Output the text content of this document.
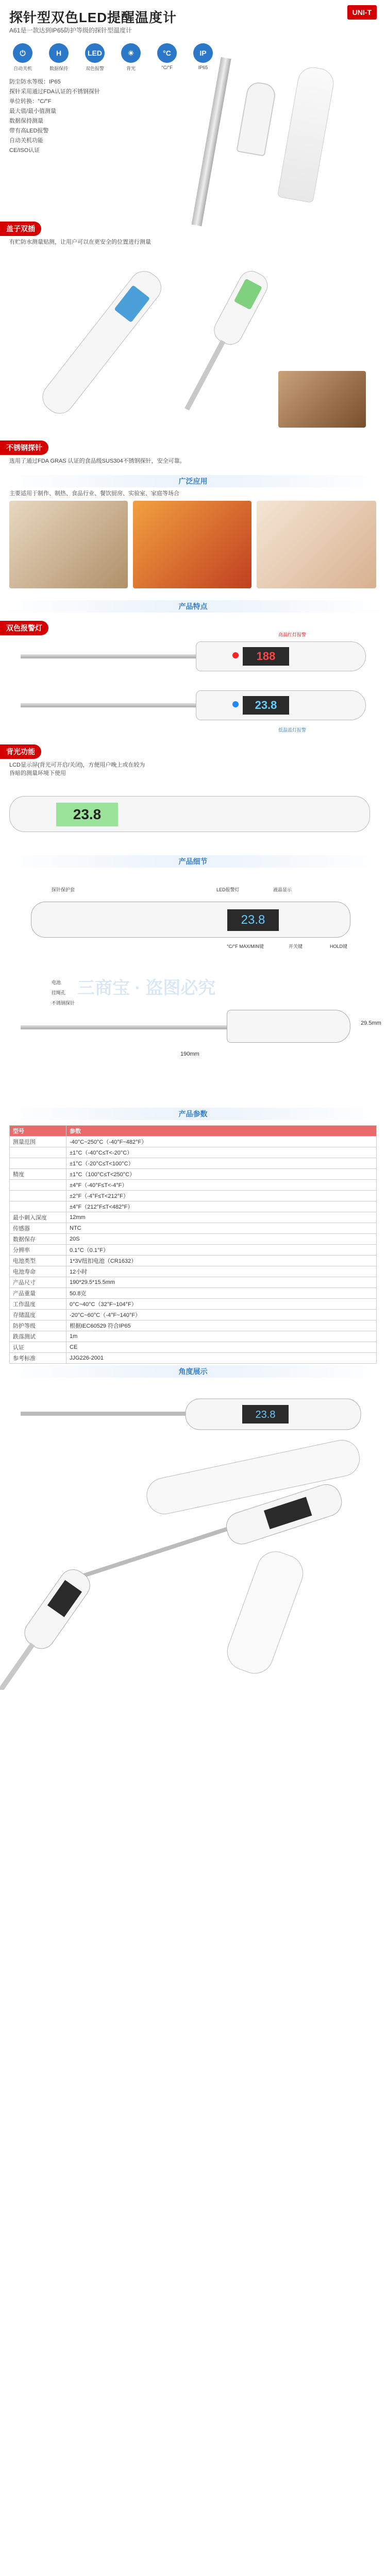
探针型双色LED提醒温度计	UNI-T
A61是一款达到IP65防护等级的探针型温度计
⏻
自动关机
H
数据保持
LED
双色报警
☀
背光
°C
°C/°F
IP
IP65
防尘防水等级：IP65
探针采用通过FDA认证的不锈钢探针
单位转换：°C/°F
最大值/最小值测量
数据保持测量
带有高LED报警
自动关机功能
CE/ISO认证
盖子双插
有贮防水测量贴测，让用户可以在更安全的位置进行测量
不锈钢探针
选用了通过FDA GRAS 认证的食品级SUS304不锈钢探针，安全可靠。
广泛应用
主要适用于制作、制热、食品行业、餐饮厨房、实验室、家庭等场合
产品特点
双色报警灯
188
高温红灯报警
23.8
低温蓝灯报警
背光功能
LCD显示屏(背光可开启/关闭)，方便用户晚上或在较为昏暗的测量环境下使用
23.8
产品细节
三商宝 · 盗图必究
23.8
探针保护套	LED报警灯	液晶显示
°C/°F MAX/MIN键	开关键	HOLD键
电池
挂绳孔
不锈钢探针
190mm
29.5mm
产品参数
型号	参数
测量范围	-40°C~250°C（-40°F~482°F）
	±1°C（-40°C≤T<-20°C）
	±1°C（-20°C≤T<100°C）
精度	±1°C（100°C≤T<250°C）
	±4°F（-40°F≤T<-4°F）
	±2°F（-4°F≤T<212°F）
	±4°F（212°F≤T<482°F）
最小刺入深度	12mm
传感器	NTC
数据保存	20S
分辨率	0.1°C（0.1°F）
电池类型	1*3V纽扣电池（CR1632）
电池寿命	12小时
产品尺寸	190*29.5*15.5mm
产品重量	50.8克
工作温度	0°C~40°C（32°F~104°F）
存储温度	-20°C~60°C（-4°F~140°F）
防护等级	根据IEC60529 符合IP65
跌落测试	1m
认证	CE
参考标准	JJG226-2001
角度展示
23.8
